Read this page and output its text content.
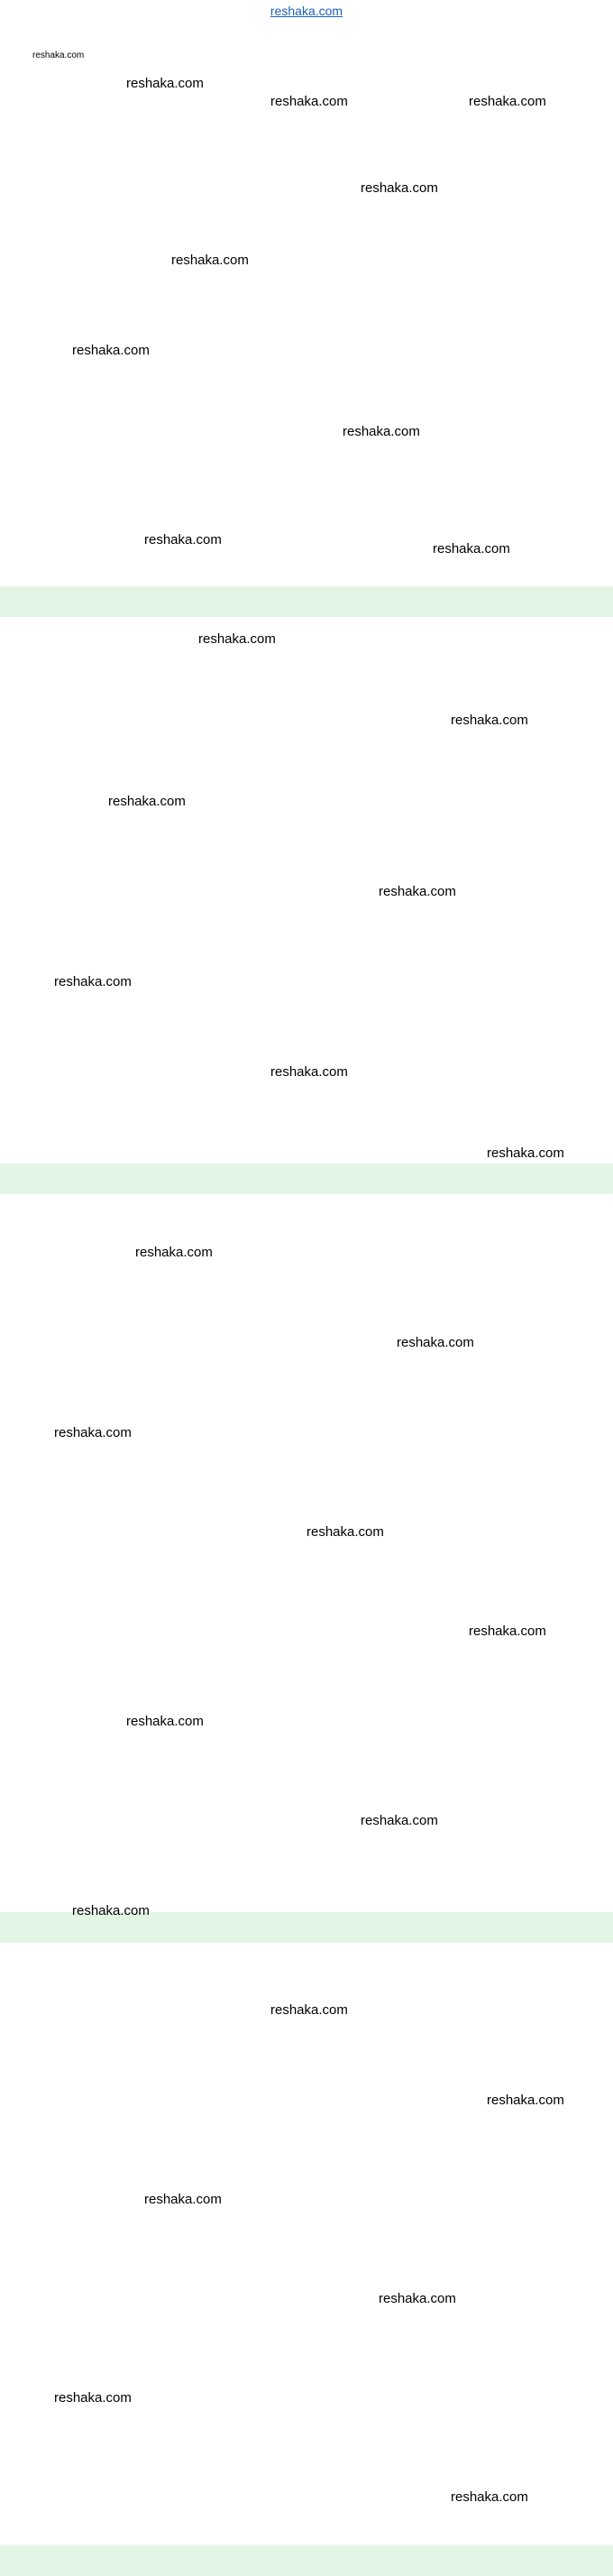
reshaka.com
reshaka.com
reshaka.com
reshaka.com	reshaka.com
reshaka.com
reshaka.com
reshaka.com
reshaka.com
reshaka.com
reshaka.com
reshaka.com
reshaka.com
reshaka.com
reshaka.com
reshaka.com
reshaka.com
reshaka.com
reshaka.com
reshaka.com
reshaka.com
reshaka.com
reshaka.com
reshaka.com
reshaka.com
reshaka.com
reshaka.com
reshaka.com
reshaka.com
reshaka.com
reshaka.com
reshaka.com
